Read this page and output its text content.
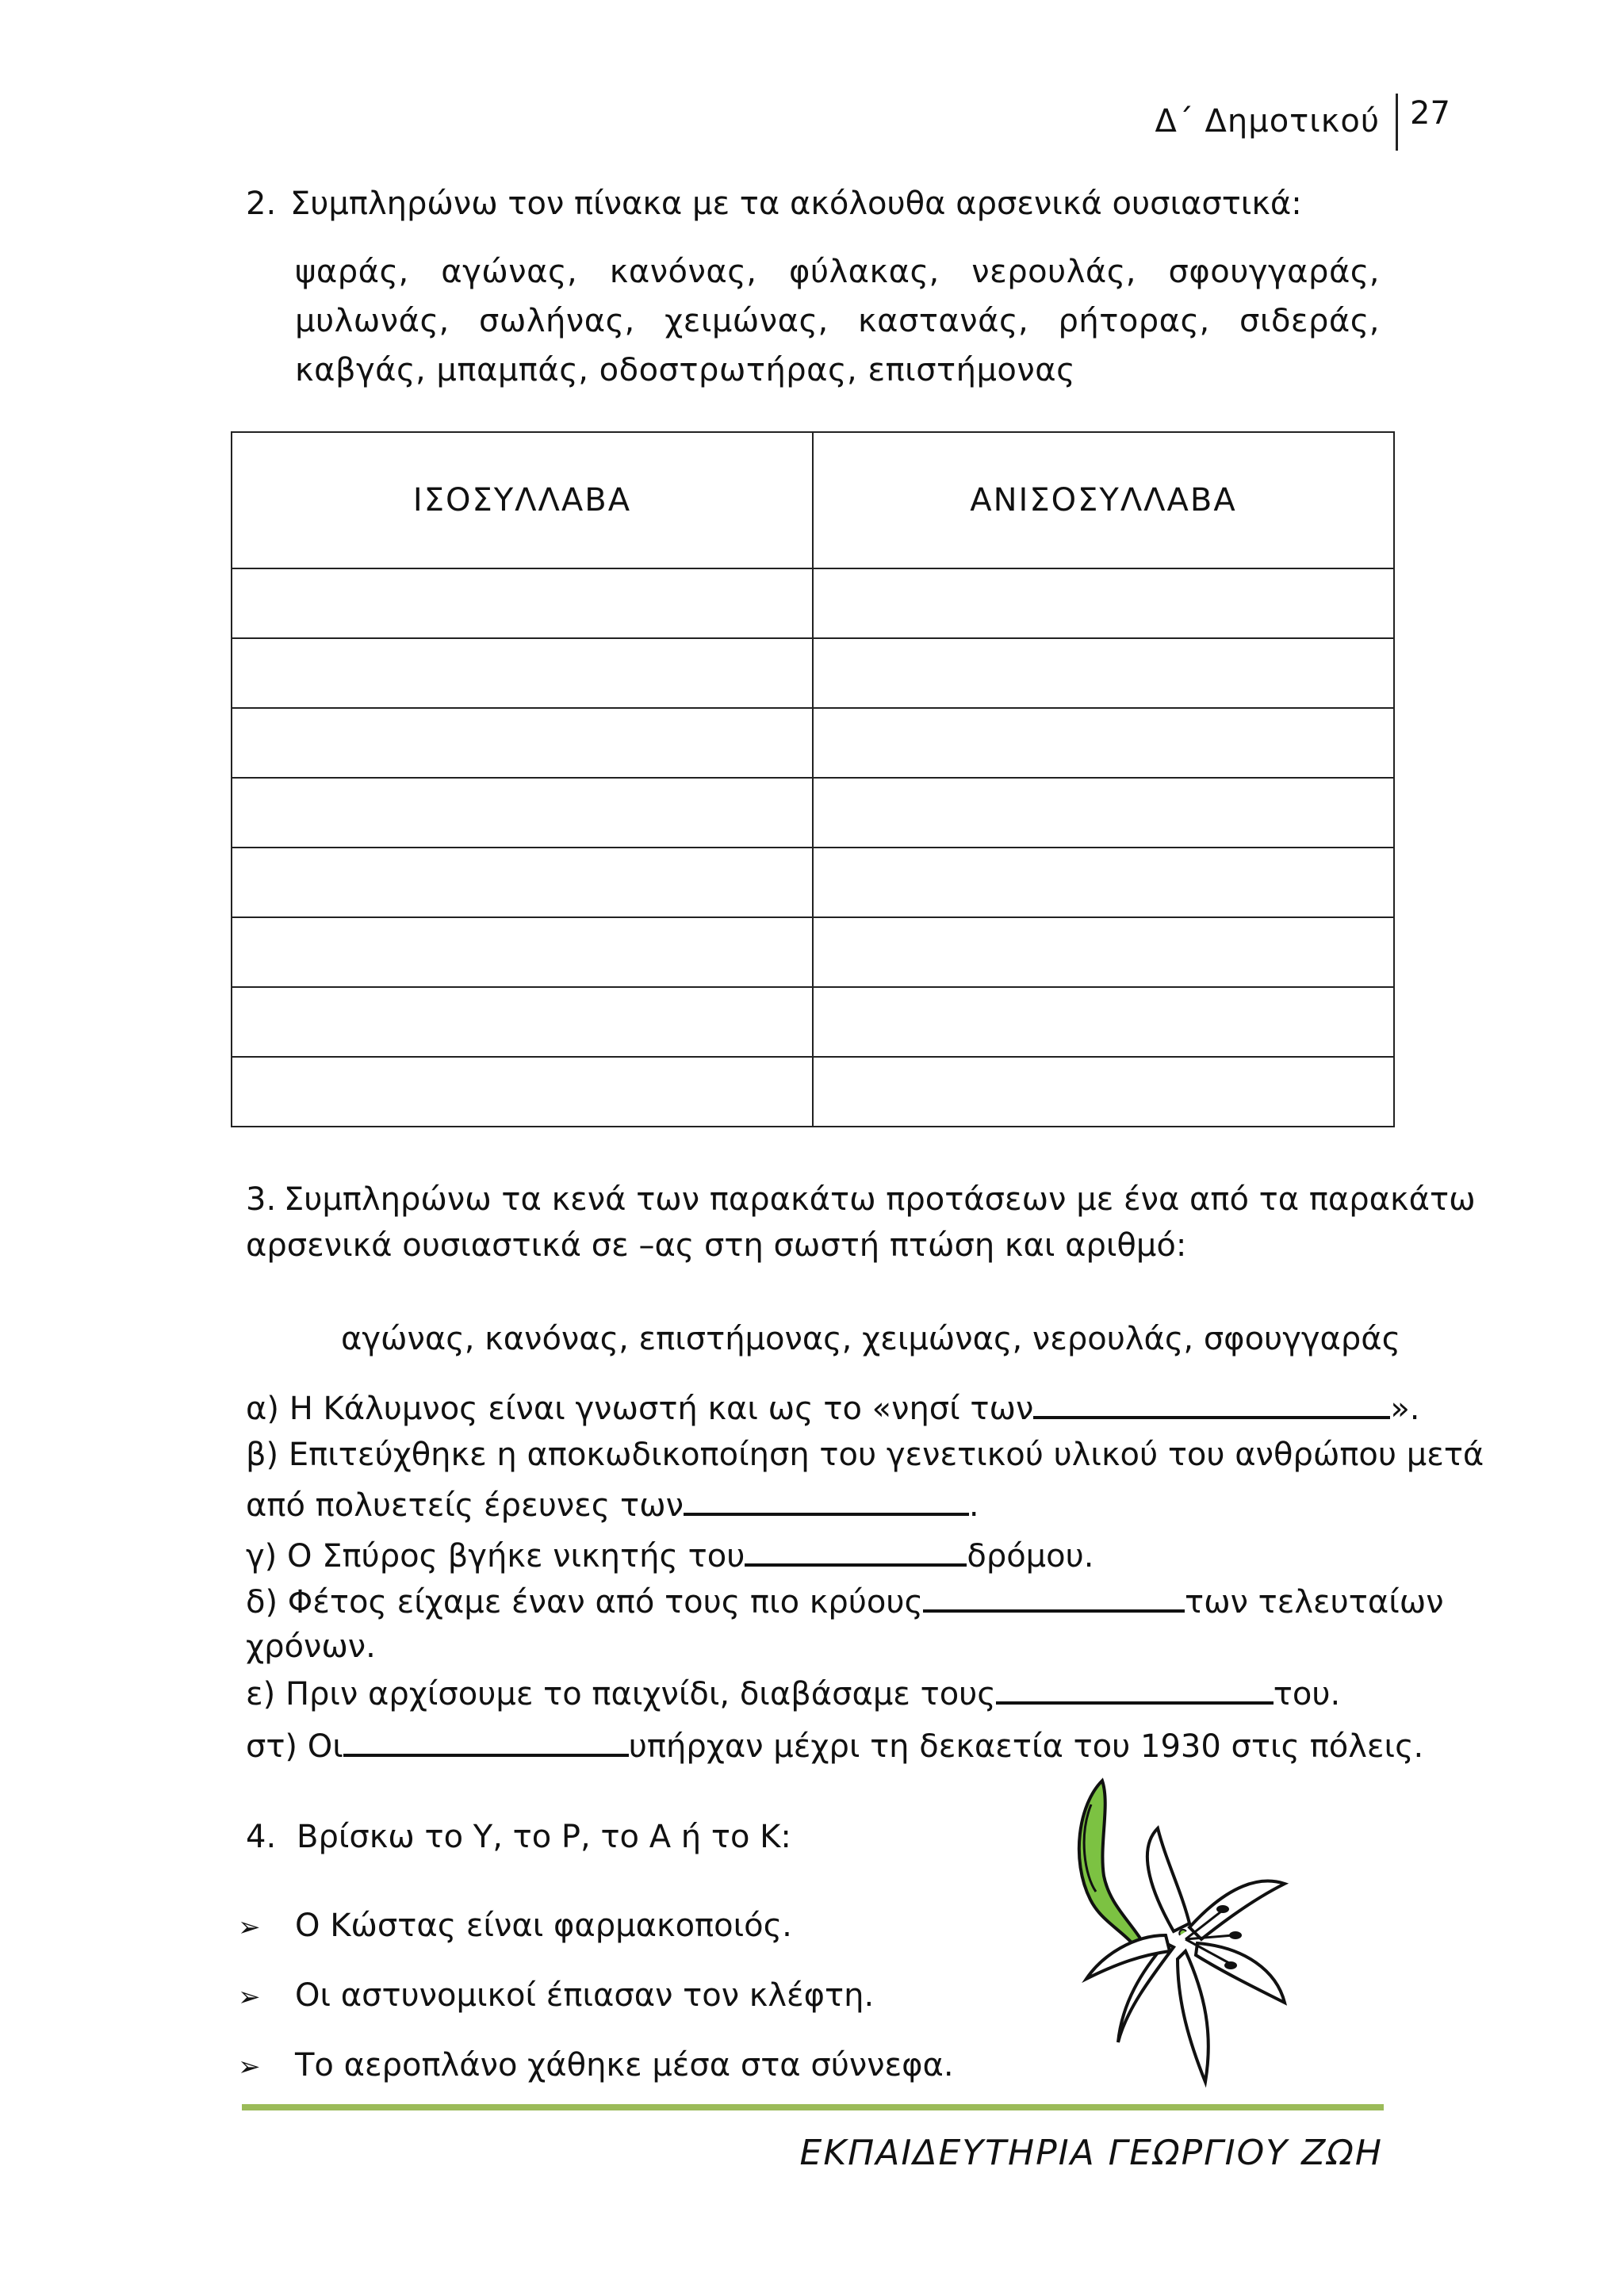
Δ΄ Δημοτικού 27

2. Συμπληρώνω τον πίνακα με τα ακόλουθα αρσενικά ουσιαστικά:

ψαράς, αγώνας, κανόνας, φύλακας, νερουλάς, σφουγγαράς, μυλωνάς, σωλήνας, χειμώνας, καστανάς, ρήτορας, σιδεράς, καβγάς, μπαμπάς, οδοστρωτήρας, επιστήμονας
ΙΣΟΣΥΛΛΑΒΑ	ΑΝΙΣΟΣΥΛΛΑΒΑ

3. Συμπληρώνω τα κενά των παρακάτω προτάσεων με ένα από τα παρακάτω αρσενικά ουσιαστικά σε –ας στη σωστή πτώση και αριθμό:

αγώνας, κανόνας, επιστήμονας, χειμώνας, νερουλάς, σφουγγαράς

α) Η Κάλυμνος είναι γνωστή και ως το «νησί των	».

β) Επιτεύχθηκε η αποκωδικοποίηση του γενετικού υλικού του ανθρώπου μετά

από πολυετείς έρευνες των	.

γ) Ο Σπύρος βγήκε νικητής του	δρόμου.

δ) Φέτος είχαμε έναν από τους πιο κρύους	των τελευταίων

χρόνων.

ε) Πριν αρχίσουμε το παιχνίδι, διαβάσαμε τους	του.

στ) Οι	υπήρχαν μέχρι τη δεκαετία του 1930 στις πόλεις.

4. Βρίσκω το Υ, το Ρ, το Α ή το Κ:

➢ Ο Κώστας είναι φαρμακοποιός.
➢ Οι αστυνομικοί έπιασαν τον κλέφτη.
➢ Το αεροπλάνο χάθηκε μέσα στα σύννεφα.
ΕΚΠΑΙΔΕΥΤΗΡΙΑ ΓΕΩΡΓΙΟΥ ΖΩΗ
